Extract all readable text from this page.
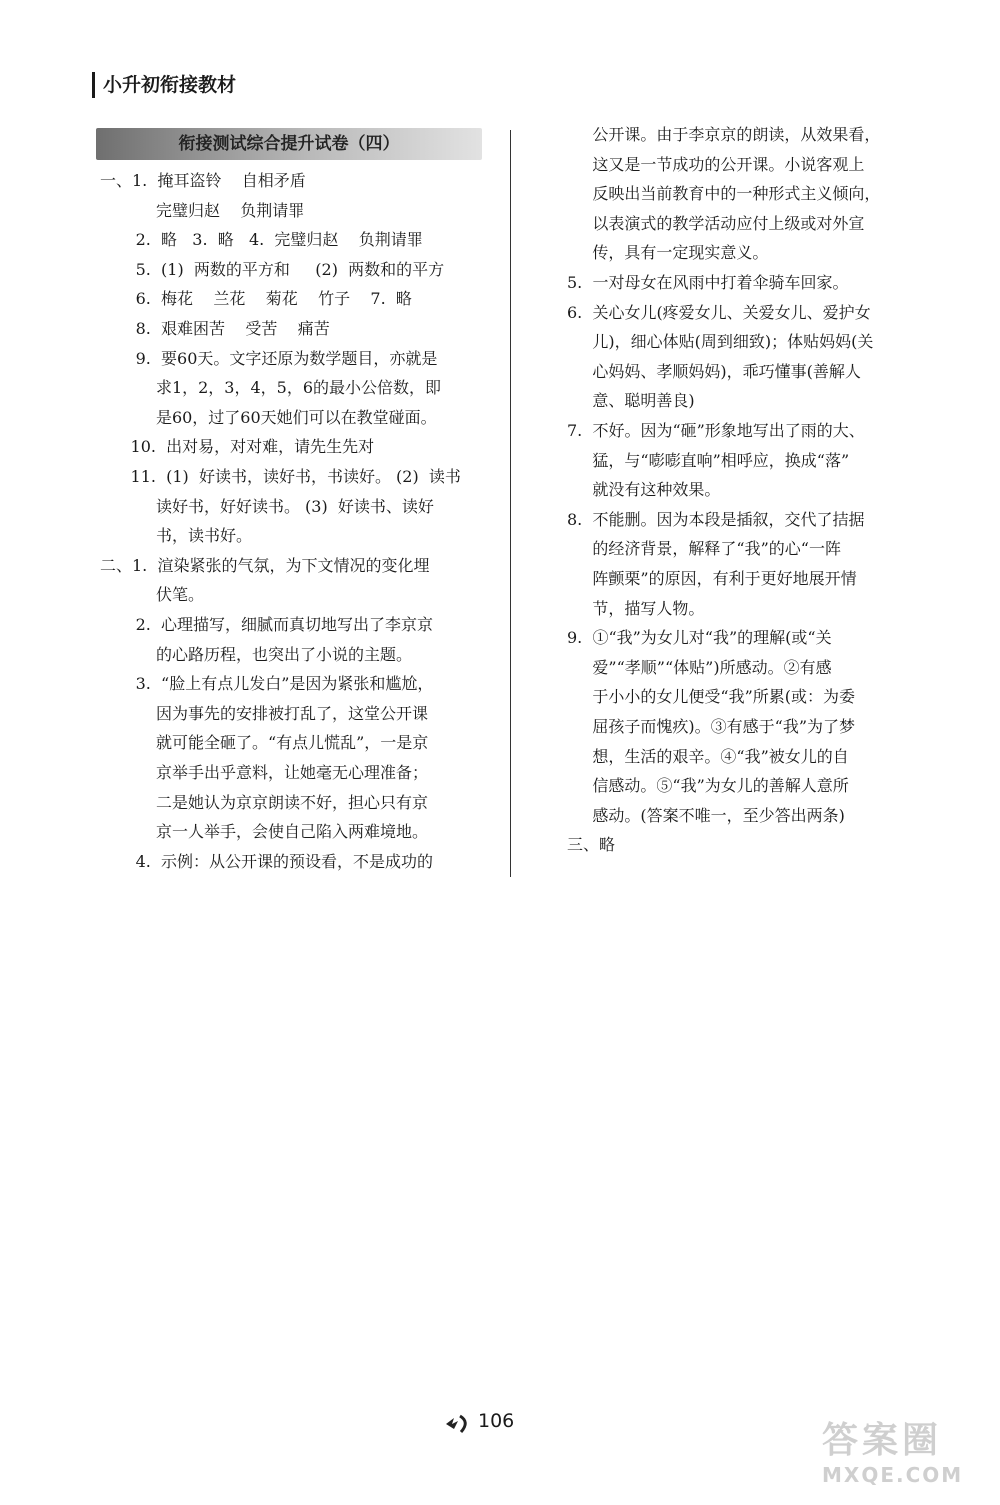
小升初衔接教材
衔接测试综合提升试卷（四）
一、1.  掩耳盗铃    自相矛盾
完璧归赵    负荆请罪
2.  略   3.  略   4.  完璧归赵    负荆请罪
5.  (1)  两数的平方和     (2)  两数和的平方
6.  梅花    兰花    菊花    竹子    7.  略
8.  艰难困苦    受苦    痛苦
9.  要60天。文字还原为数学题目，亦就是
求1，2，3，4，5，6的最小公倍数，即
是60，过了60天她们可以在教堂碰面。
10.  出对易，对对难，请先生先对
11.  (1)  好读书，读好书，书读好。 (2)  读书
读好书，好好读书。 (3)  好读书、读好
书，读书好。
二、1.  渲染紧张的气氛，为下文情况的变化埋
伏笔。
2.  心理描写，细腻而真切地写出了李京京
的心路历程，也突出了小说的主题。
3.  “脸上有点儿发白”是因为紧张和尴尬，
因为事先的安排被打乱了，这堂公开课
就可能全砸了。“有点儿慌乱”，一是京
京举手出乎意料，让她毫无心理准备；
二是她认为京京朗读不好，担心只有京
京一人举手，会使自己陷入两难境地。
4.  示例：从公开课的预设看，不是成功的
公开课。由于李京京的朗读，从效果看，
这又是一节成功的公开课。小说客观上
反映出当前教育中的一种形式主义倾向，
以表演式的教学活动应付上级或对外宣
传，具有一定现实意义。
5.  一对母女在风雨中打着伞骑车回家。
6.  关心女儿(疼爱女儿、关爱女儿、爱护女
儿)，细心体贴(周到细致)；体贴妈妈(关
心妈妈、孝顺妈妈)，乖巧懂事(善解人
意、聪明善良)
7.  不好。因为“砸”形象地写出了雨的大、
猛，与“嘭嘭直响”相呼应，换成“落”
就没有这种效果。
8.  不能删。因为本段是插叙，交代了拮据
的经济背景，解释了“我”的心“一阵
阵颤栗”的原因，有利于更好地展开情
节，描写人物。
9.  ①“我”为女儿对“我”的理解(或“关
爱”“孝顺”“体贴”)所感动。②有感
于小小的女儿便受“我”所累(或：为委
屈孩子而愧疚)。③有感于“我”为了梦
想，生活的艰辛。④“我”被女儿的自
信感动。⑤“我”为女儿的善解人意所
感动。(答案不唯一，至少答出两条)
三、略
106	答案圈
MXQE.COM
